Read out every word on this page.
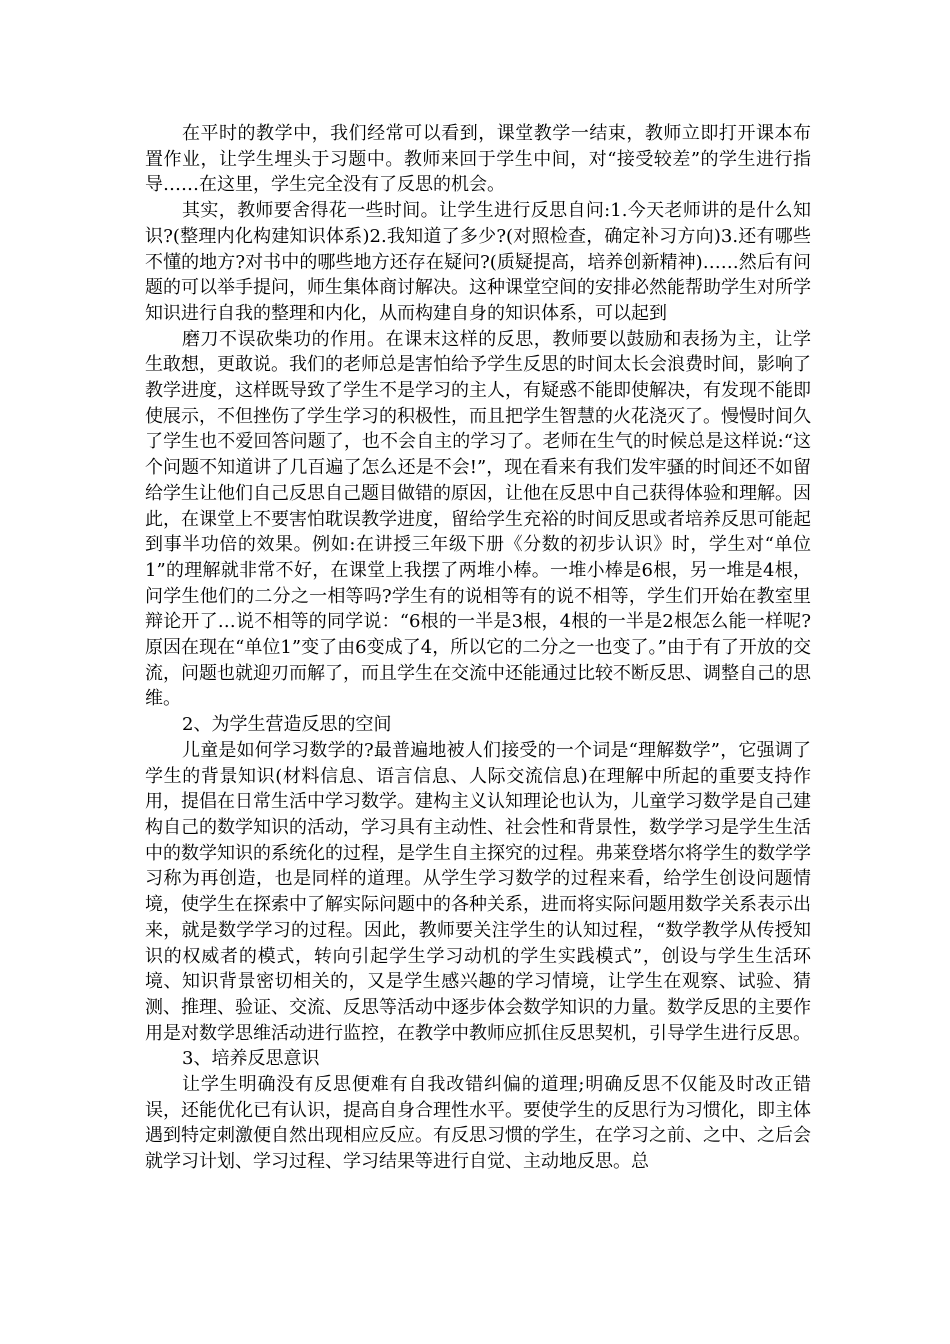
在平时的教学中，我们经常可以看到，课堂教学一结束，教师立即打开课本布置作业，让学生埋头于习题中。教师来回于学生中间，对“接受较差”的学生进行指导……在这里，学生完全没有了反思的机会。

其实，教师要舍得花一些时间。让学生进行反思自问:1.今天老师讲的是什么知识?(整理内化构建知识体系)2.我知道了多少?(对照检查，确定补习方向)3.还有哪些不懂的地方?对书中的哪些地方还存在疑问?(质疑提高，培养创新精神)……然后有问题的可以举手提问，师生集体商讨解决。这种课堂空间的安排必然能帮助学生对所学知识进行自我的整理和内化，从而构建自身的知识体系，可以起到

磨刀不误砍柴功的作用。在课末这样的反思，教师要以鼓励和表扬为主，让学生敢想，更敢说。我们的老师总是害怕给予学生反思的时间太长会浪费时间，影响了教学进度，这样既导致了学生不是学习的主人，有疑惑不能即使解决，有发现不能即使展示，不但挫伤了学生学习的积极性，而且把学生智慧的火花浇灭了。慢慢时间久了学生也不爱回答问题了，也不会自主的学习了。老师在生气的时候总是这样说:“这个问题不知道讲了几百遍了怎么还是不会!”，现在看来有我们发牢骚的时间还不如留给学生让他们自己反思自己题目做错的原因，让他在反思中自己获得体验和理解。因此，在课堂上不要害怕耽误教学进度，留给学生充裕的时间反思或者培养反思可能起到事半功倍的效果。例如:在讲授三年级下册《分数的初步认识》时，学生对“单位1”的理解就非常不好，在课堂上我摆了两堆小棒。一堆小棒是6根，另一堆是4根，问学生他们的二分之一相等吗?学生有的说相等有的说不相等，学生们开始在教室里辩论开了…说不相等的同学说：“6根的一半是3根，4根的一半是2根怎么能一样呢?原因在现在“单位1”变了由6变成了4，所以它的二分之一也变了。”由于有了开放的交流，问题也就迎刃而解了，而且学生在交流中还能通过比较不断反思、调整自己的思维。

2、为学生营造反思的空间

儿童是如何学习数学的?最普遍地被人们接受的一个词是“理解数学”，它强调了学生的背景知识(材料信息、语言信息、人际交流信息)在理解中所起的重要支持作用，提倡在日常生活中学习数学。建构主义认知理论也认为，儿童学习数学是自己建构自己的数学知识的活动，学习具有主动性、社会性和背景性，数学学习是学生生活中的数学知识的系统化的过程，是学生自主探究的过程。弗莱登塔尔将学生的数学学习称为再创造，也是同样的道理。从学生学习数学的过程来看，给学生创设问题情境，使学生在探索中了解实际问题中的各种关系，进而将实际问题用数学关系表示出来，就是数学学习的过程。因此，教师要关注学生的认知过程，“数学教学从传授知识的权威者的模式，转向引起学生学习动机的学生实践模式”，创设与学生生活环境、知识背景密切相关的，又是学生感兴趣的学习情境，让学生在观察、试验、猜测、推理、验证、交流、反思等活动中逐步体会数学知识的力量。数学反思的主要作用是对数学思维活动进行监控，在教学中教师应抓住反思契机，引导学生进行反思。

3、培养反思意识

让学生明确没有反思便难有自我改错纠偏的道理;明确反思不仅能及时改正错误，还能优化已有认识，提高自身合理性水平。要使学生的反思行为习惯化，即主体遇到特定刺激便自然出现相应反应。有反思习惯的学生，在学习之前、之中、之后会就学习计划、学习过程、学习结果等进行自觉、主动地反思。总
